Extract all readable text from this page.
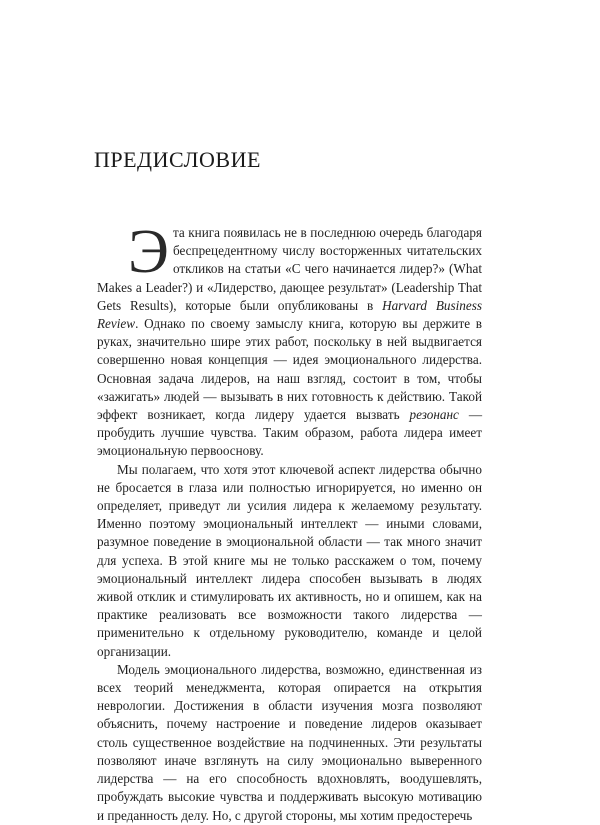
ПРЕДИСЛОВИЕ

Эта книга появилась не в последнюю очередь благодаря беспрецедентному числу восторженных читательских откликов на статьи «С чего начинается лидер?» (What Makes a Leader?) и «Лидерство, дающее результат» (Leadership That Gets Results), которые были опубликованы в Harvard Business Review. Однако по своему замыслу книга, которую вы держите в руках, значительно шире этих работ, поскольку в ней выдвигается совершенно новая концепция — идея эмоционального лидерства. Основная задача лидеров, на наш взгляд, состоит в том, чтобы «зажигать» людей — вызывать в них готовность к действию. Такой эффект возникает, когда лидеру удается вызвать резонанс — пробудить лучшие чувства. Таким образом, работа лидера имеет эмоциональную первооснову.

Мы полагаем, что хотя этот ключевой аспект лидерства обычно не бросается в глаза или полностью игнорируется, но именно он определяет, приведут ли усилия лидера к желаемому результату. Именно поэтому эмоциональный интеллект — иными словами, разумное поведение в эмоциональной области — так много значит для успеха. В этой книге мы не только расскажем о том, почему эмоциональный интеллект лидера способен вызывать в людях живой отклик и стимулировать их активность, но и опишем, как на практике реализовать все возможности такого лидерства — применительно к отдельному руководителю, команде и целой организации.

Модель эмоционального лидерства, возможно, единственная из всех теорий менеджмента, которая опирается на открытия неврологии. Достижения в области изучения мозга позволяют объяснить, почему настроение и поведение лидеров оказывает столь существенное воздействие на подчиненных. Эти результаты позволяют иначе взглянуть на силу эмоционально выверенного лидерства — на его способность вдохновлять, воодушевлять, пробуждать высокие чувства и поддерживать высокую мотивацию и преданность делу. Но, с другой стороны, мы хотим предостеречь
